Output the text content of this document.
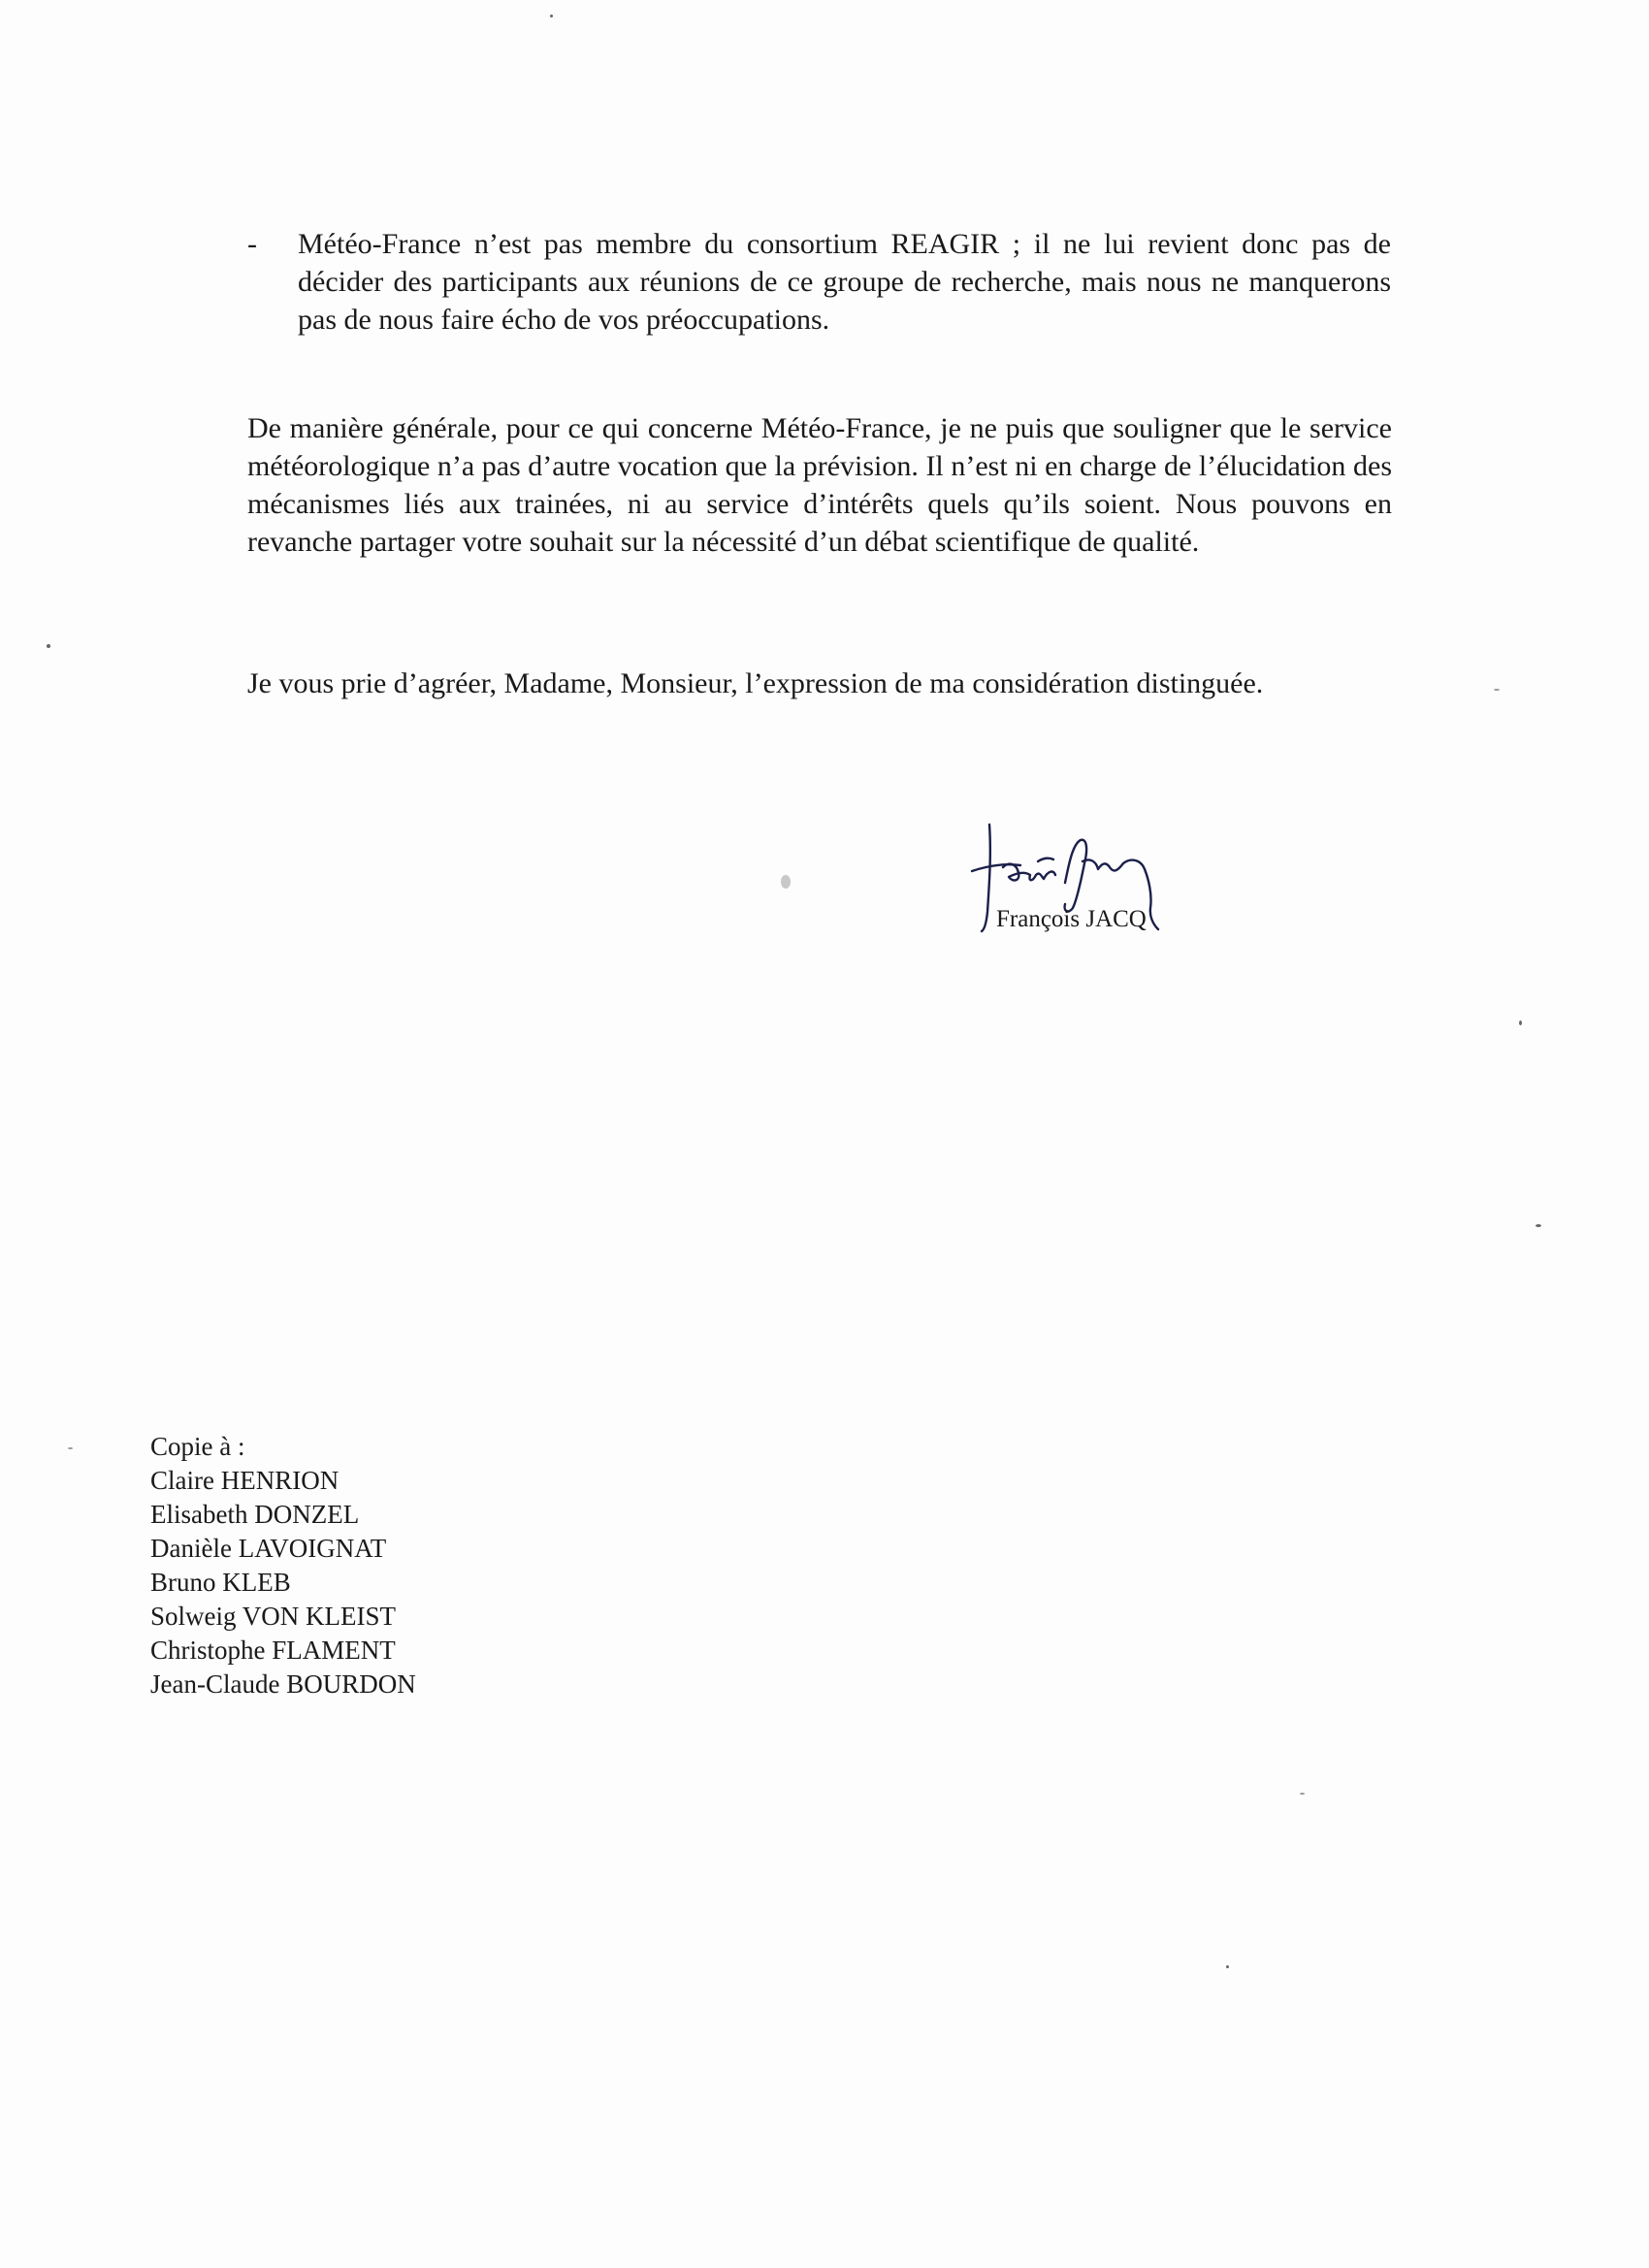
- Météo-France n’est pas membre du consortium REAGIR ; il ne lui revient donc pas de décider des participants aux réunions de ce groupe de recherche, mais nous ne manquerons pas de nous faire écho de vos préoccupations.
De manière générale, pour ce qui concerne Météo-France, je ne puis que souligner que le service météorologique n’a pas d’autre vocation que la prévision. Il n’est ni en charge de l’élucidation des mécanismes liés aux trainées, ni au service d’intérêts quels qu’ils soient. Nous pouvons en revanche partager votre souhait sur la nécessité d’un débat scientifique de qualité.
Je vous prie d’agréer, Madame, Monsieur, l’expression de ma considération distinguée.
François JACQ
Copie à :
Claire HENRION
Elisabeth DONZEL
Danièle LAVOIGNAT
Bruno KLEB
Solweig VON KLEIST
Christophe FLAMENT
Jean-Claude BOURDON
